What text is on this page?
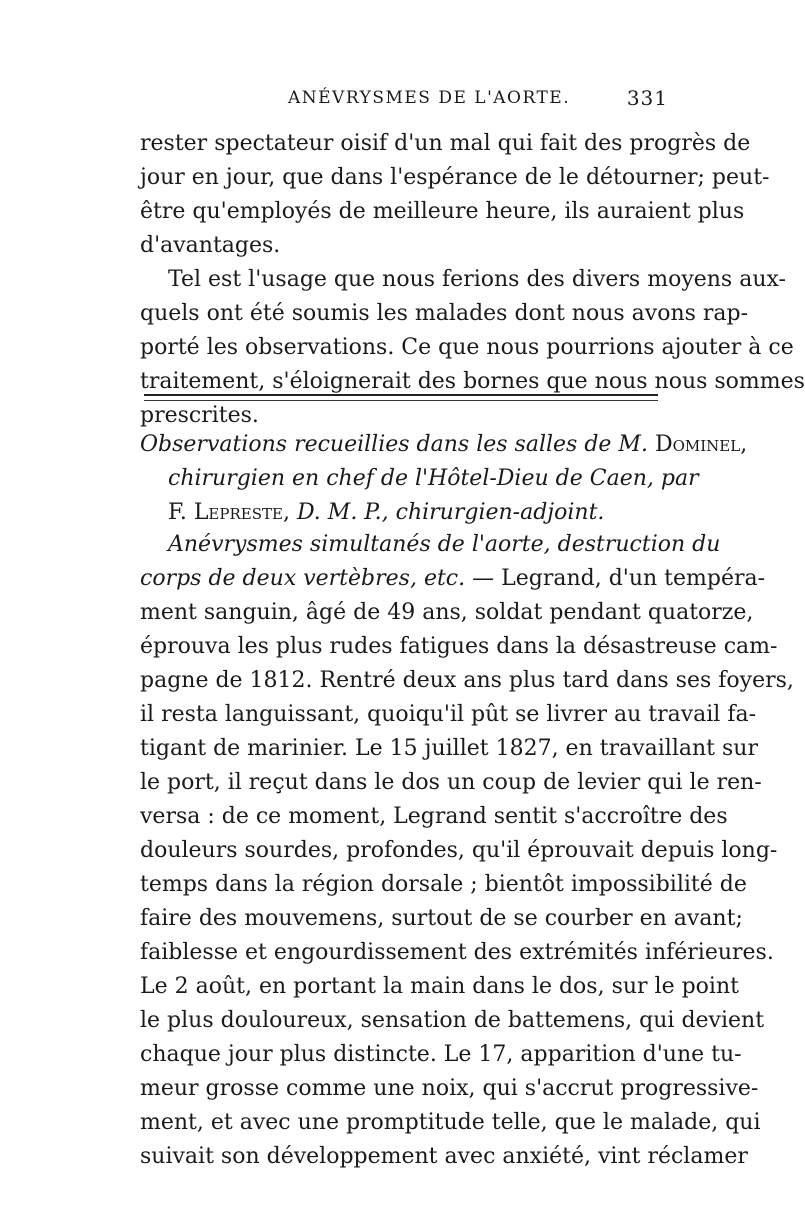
ANÉVRYSMES DE L'AORTE.	331
rester spectateur oisif d'un mal qui fait des progrès de
jour en jour, que dans l'espérance de le détourner; peut-
être qu'employés de meilleure heure, ils auraient plus
d'avantages.
Tel est l'usage que nous ferions des divers moyens aux-
quels ont été soumis les malades dont nous avons rap-
porté les observations. Ce que nous pourrions ajouter à ce
traitement, s'éloignerait des bornes que nous nous sommes
prescrites.
Observations recueillies dans les salles de M. Dominel,
chirurgien en chef de l'Hôtel-Dieu de Caen, par
F. Lepreste, D. M. P., chirurgien-adjoint.
Anévrysmes simultanés de l'aorte, destruction du
corps de deux vertèbres, etc. — Legrand, d'un tempéra-
ment sanguin, âgé de 49 ans, soldat pendant quatorze,
éprouva les plus rudes fatigues dans la désastreuse cam-
pagne de 1812. Rentré deux ans plus tard dans ses foyers,
il resta languissant, quoiqu'il pût se livrer au travail fa-
tigant de marinier. Le 15 juillet 1827, en travaillant sur
le port, il reçut dans le dos un coup de levier qui le ren-
versa : de ce moment, Legrand sentit s'accroître des
douleurs sourdes, profondes, qu'il éprouvait depuis long-
temps dans la région dorsale ; bientôt impossibilité de
faire des mouvemens, surtout de se courber en avant;
faiblesse et engourdissement des extrémités inférieures.
Le 2 août, en portant la main dans le dos, sur le point
le plus douloureux, sensation de battemens, qui devient
chaque jour plus distincte. Le 17, apparition d'une tu-
meur grosse comme une noix, qui s'accrut progressive-
ment, et avec une promptitude telle, que le malade, qui
suivait son développement avec anxiété, vint réclamer
